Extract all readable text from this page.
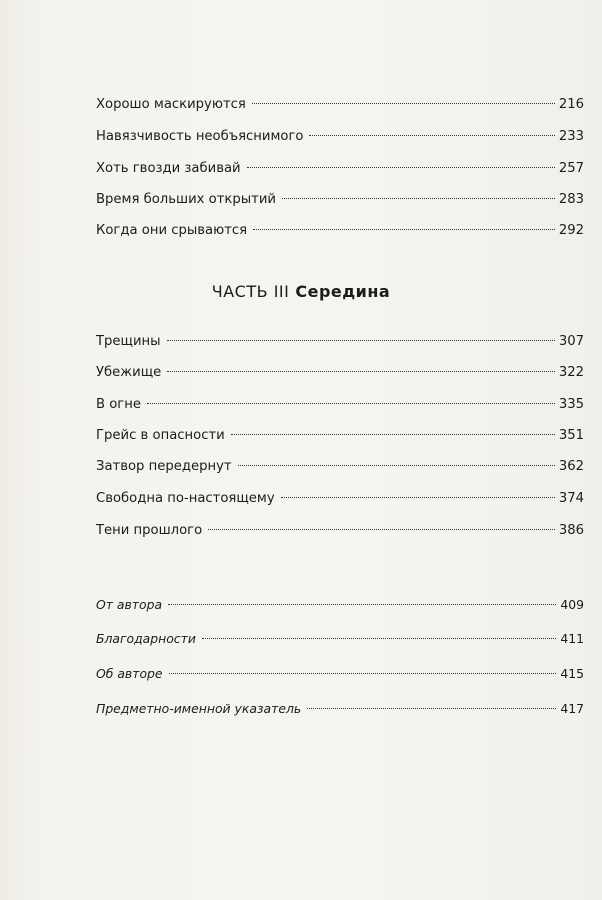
Хорошо маскируются	216
Навязчивость необъяснимого	233
Хоть гвозди забивай	257
Время больших открытий	283
Когда они срываются	292
ЧАСТЬ III Середина
Трещины	307
Убежище	322
В огне	335
Грейс в опасности	351
Затвор передернут	362
Свободна по-настоящему	374
Тени прошлого	386
От автора	409
Благодарности	411
Об авторе	415
Предметно-именной указатель	417
